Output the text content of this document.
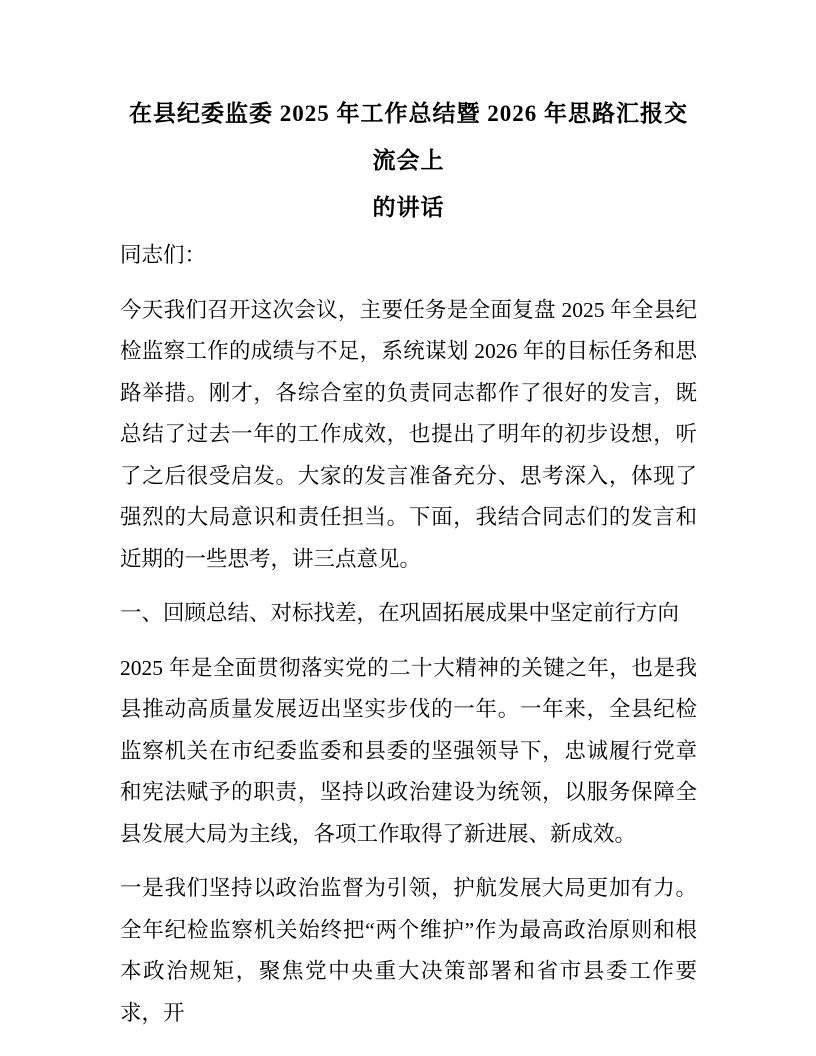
在县纪委监委 2025 年工作总结暨 2026 年思路汇报交流会上
的讲话

同志们：

今天我们召开这次会议，主要任务是全面复盘 2025 年全县纪检监察工作的成绩与不足，系统谋划 2026 年的目标任务和思路举措。刚才，各综合室的负责同志都作了很好的发言，既总结了过去一年的工作成效，也提出了明年的初步设想，听了之后很受启发。大家的发言准备充分、思考深入，体现了强烈的大局意识和责任担当。下面，我结合同志们的发言和近期的一些思考，讲三点意见。

一、回顾总结、对标找差，在巩固拓展成果中坚定前行方向

2025 年是全面贯彻落实党的二十大精神的关键之年，也是我县推动高质量发展迈出坚实步伐的一年。一年来，全县纪检监察机关在市纪委监委和县委的坚强领导下，忠诚履行党章和宪法赋予的职责，坚持以政治建设为统领，以服务保障全县发展大局为主线，各项工作取得了新进展、新成效。

一是我们坚持以政治监督为引领，护航发展大局更加有力。全年纪检监察机关始终把“两个维护”作为最高政治原则和根本政治规矩，聚焦党中央重大决策部署和省市县委工作要求，开
